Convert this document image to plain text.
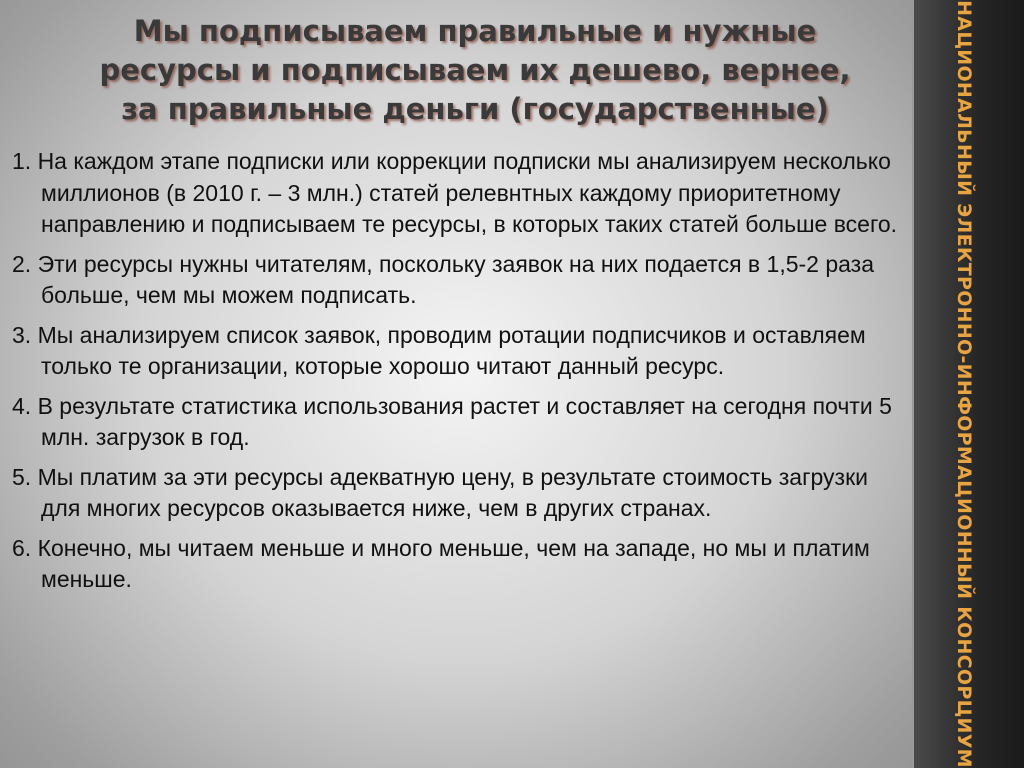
Мы подписываем правильные и нужные
ресурсы и подписываем их дешево, вернее,
за правильные деньги (государственные)
1. На каждом этапе подписки или коррекции подписки мы анализируем несколько миллионов (в 2010 г. – 3 млн.) статей релевнтных каждому приоритетному направлению и подписываем те ресурсы, в которых таких статей больше всего.
2. Эти ресурсы нужны читателям, поскольку заявок на них подается в 1,5-2 раза больше, чем мы можем подписать.
3. Мы анализируем список заявок, проводим ротации подписчиков и оставляем только те организации, которые хорошо читают данный ресурс.
4. В результате статистика использования растет и составляет на сегодня почти 5 млн. загрузок в год.
5. Мы платим за эти ресурсы адекватную цену, в результате стоимость загрузки для многих ресурсов оказывается ниже, чем в других странах.
6. Конечно, мы читаем меньше и много меньше, чем на западе, но мы и платим меньше.	НАЦИОНАЛЬНЫЙ ЭЛЕКТРОННО-ИНФОРМАЦИОННЫЙ КОНСОРЦИУМ
